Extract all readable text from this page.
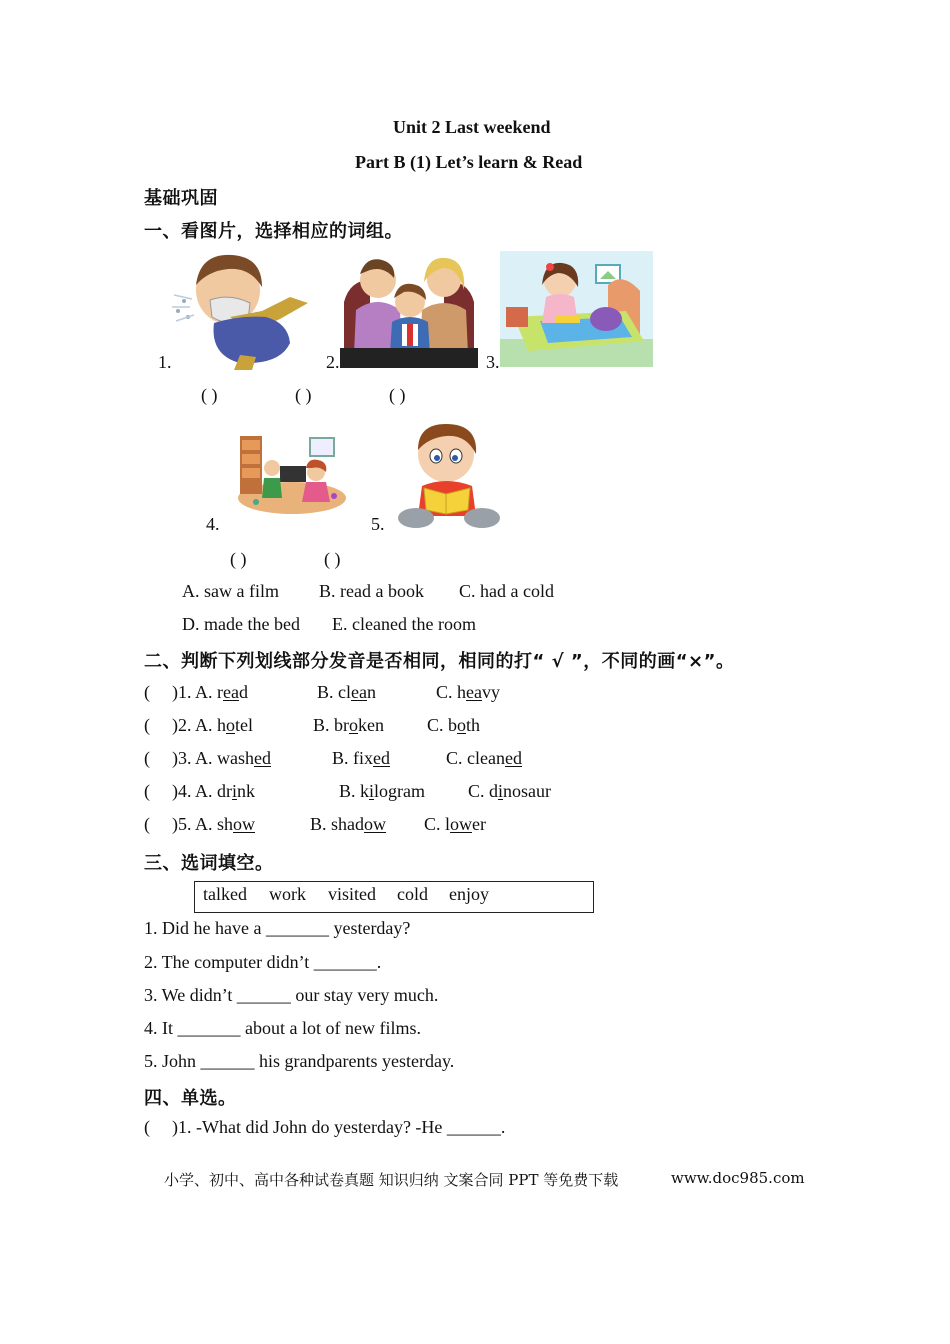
Unit 2 Last weekend
Part B (1) Let’s learn & Read
基础巩固
一、看图片，选择相应的词组。
1.	2.	3.
( )	( )	( )
4.	5.
( )	( )
A. saw a film B. read a book C. had a cold
D. made the bed E. cleaned the room
二、判断下列划线部分发音是否相同，相同的打“ √ ”，不同的画“×”。
( )1. A. read	B. clean	C. heavy
( )2. A. hotel	B. broken C. both
( )3. A. washed	B. fixed	C. cleaned
( )4. A. drink	B. kilogram C. dinosaur
( )5. A. show	B. shadow C. lower
三、选词填空。
talked work visited cold enjoy
1. Did he have a _______ yesterday?
2. The computer didn’t _______.
3. We didn’t ______ our stay very much.
4. It _______ about a lot of new films.
5. John ______ his grandparents yesterday.
四、单选。
( )1. -What did John do yesterday? -He ______.
小学、初中、高中各种试卷真题 知识归纳 文案合同 PPT 等免费下载	www.doc985.com
